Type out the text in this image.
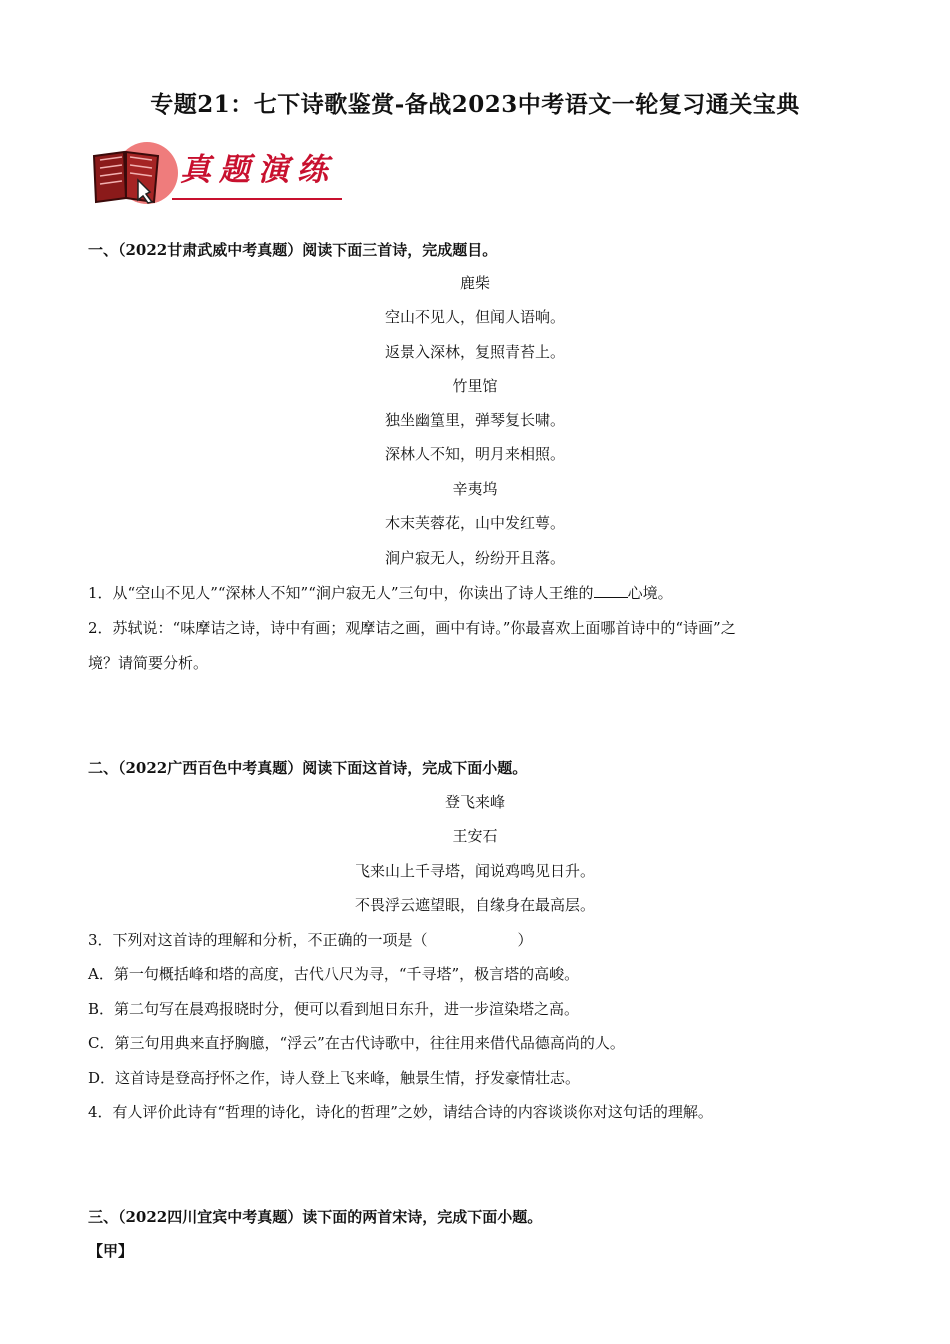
专题21：七下诗歌鉴赏-备战2023中考语文一轮复习通关宝典
真题演练
一、（2022甘肃武威中考真题）阅读下面三首诗，完成题目。
鹿柴
空山不见人，但闻人语响。
返景入深林，复照青苔上。
竹里馆
独坐幽篁里，弹琴复长啸。
深林人不知，明月来相照。
辛夷坞
木末芙蓉花，山中发红萼。
涧户寂无人，纷纷开且落。
1．从“空山不见人”“深林人不知”“涧户寂无人”三句中，你读出了诗人王维的 心境。
2．苏轼说：“味摩诘之诗，诗中有画；观摩诘之画，画中有诗。”你最喜欢上面哪首诗中的“诗画”之
境？请简要分析。
二、（2022广西百色中考真题）阅读下面这首诗，完成下面小题。
登飞来峰
王安石
飞来山上千寻塔，闻说鸡鸣见日升。
不畏浮云遮望眼，自缘身在最高层。
3．下列对这首诗的理解和分析，不正确的一项是（　　　　　　）
A．第一句概括峰和塔的高度，古代八尺为寻，“千寻塔”，极言塔的高峻。
B．第二句写在晨鸡报晓时分，便可以看到旭日东升，进一步渲染塔之高。
C．第三句用典来直抒胸臆，“浮云”在古代诗歌中，往往用来借代品德高尚的人。
D．这首诗是登高抒怀之作，诗人登上飞来峰，触景生情，抒发豪情壮志。
4．有人评价此诗有“哲理的诗化，诗化的哲理”之妙，请结合诗的内容谈谈你对这句话的理解。
三、（2022四川宜宾中考真题）读下面的两首宋诗，完成下面小题。
【甲】
